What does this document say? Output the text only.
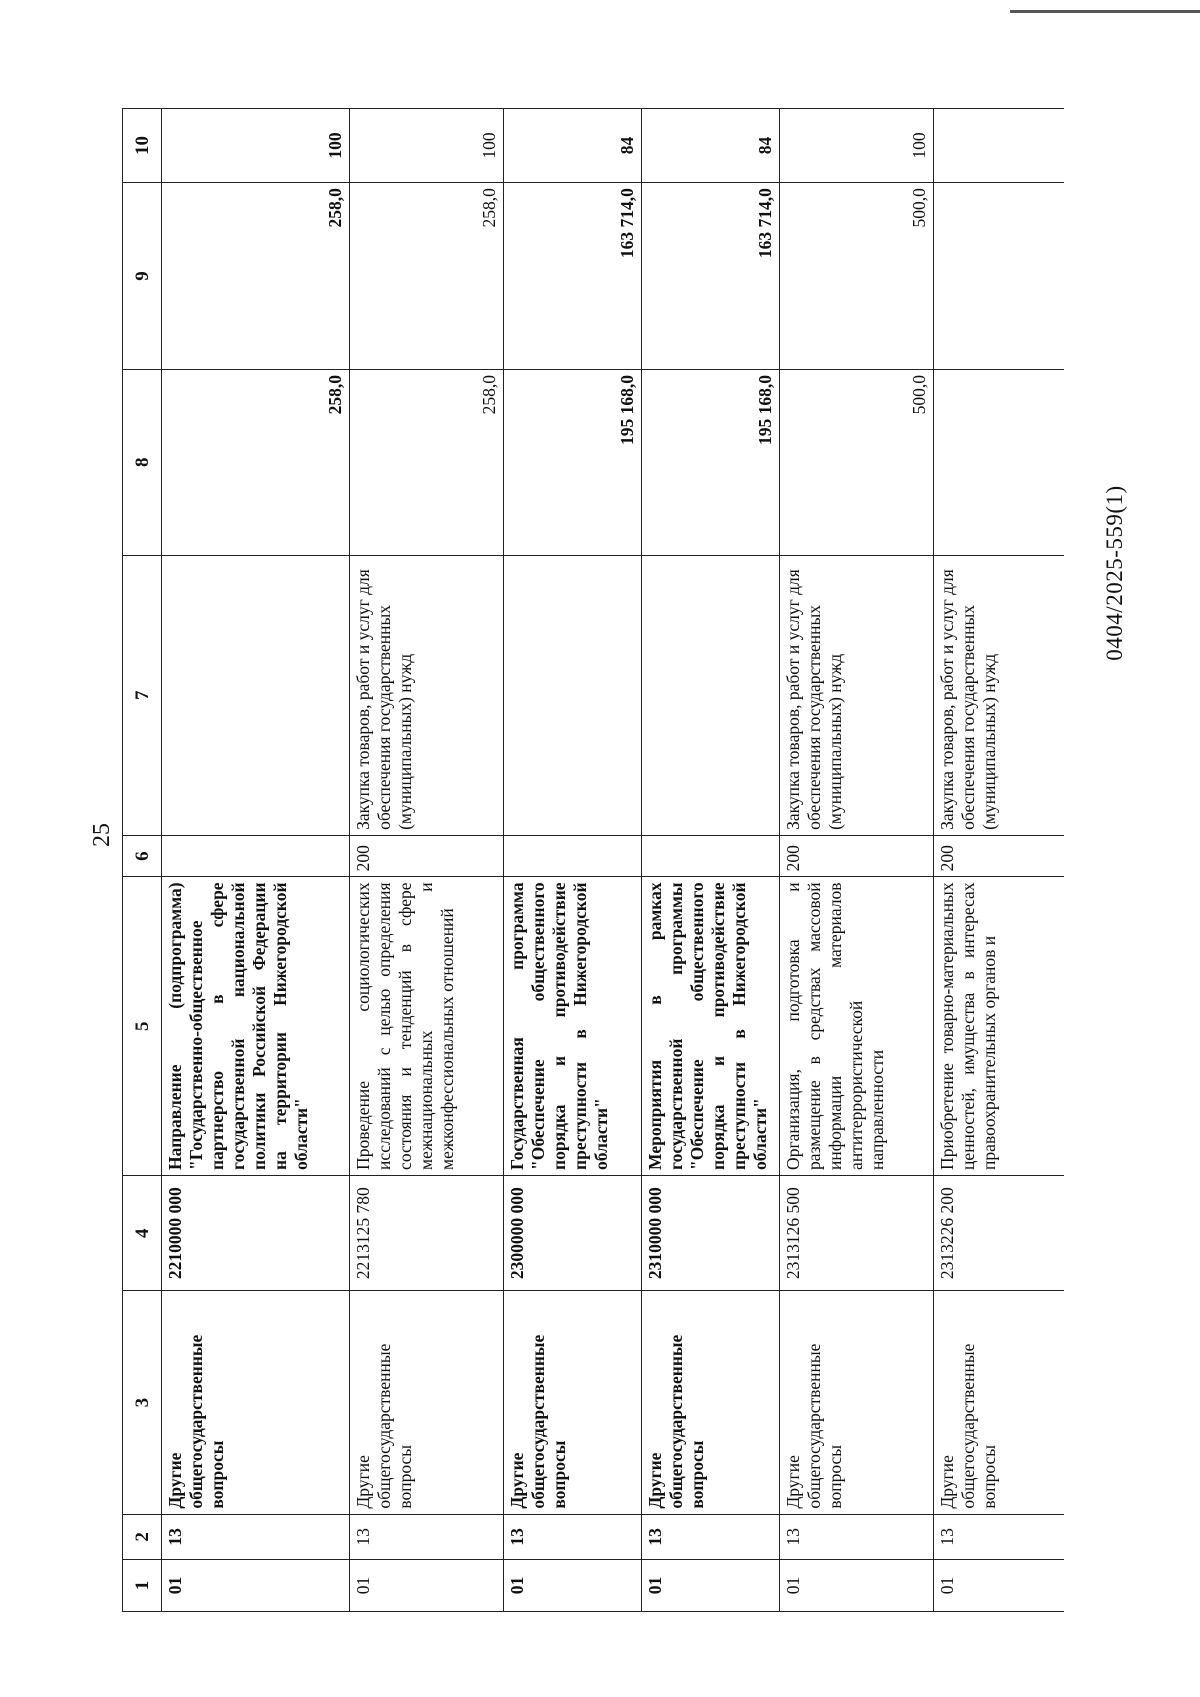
25
0404/2025-559(1)
1	2	3	4	5	6	7	8	9	10
01	13	Другие общегосударственные вопросы	2210000 000	Направление (подпрограмма) "Государственно-общественное партнерство в сфере государственной национальной политики Российской Федерации на территории Нижегородской области"			258,0	258,0	100
01	13	Другие общегосударственные вопросы	2213125 780	Проведение социологических исследований с целью определения состояния и тенденций в сфере межнациональных и межконфессиональных отношений	200	Закупка товаров, работ и услуг для обеспечения государственных (муниципальных) нужд	258,0	258,0	100
01	13	Другие общегосударственные вопросы	2300000 000	Государственная программа "Обеспечение общественного порядка и противодействие преступности в Нижегородской области"			195 168,0	163 714,0	84
01	13	Другие общегосударственные вопросы	2310000 000	Мероприятия в рамках государственной программы "Обеспечение общественного порядка и противодействие преступности в Нижегородской области"			195 168,0	163 714,0	84
01	13	Другие общегосударственные вопросы	2313126 500	Организация, подготовка и размещение в средствах массовой информации материалов антитеррористической направленности	200	Закупка товаров, работ и услуг для обеспечения государственных (муниципальных) нужд	500,0	500,0	100
01	13	Другие общегосударственные вопросы	2313226 200	Приобретение товарно-материальных ценностей, имущества в интересах правоохранительных органов и	200	Закупка товаров, работ и услуг для обеспечения государственных (муниципальных) нужд			
